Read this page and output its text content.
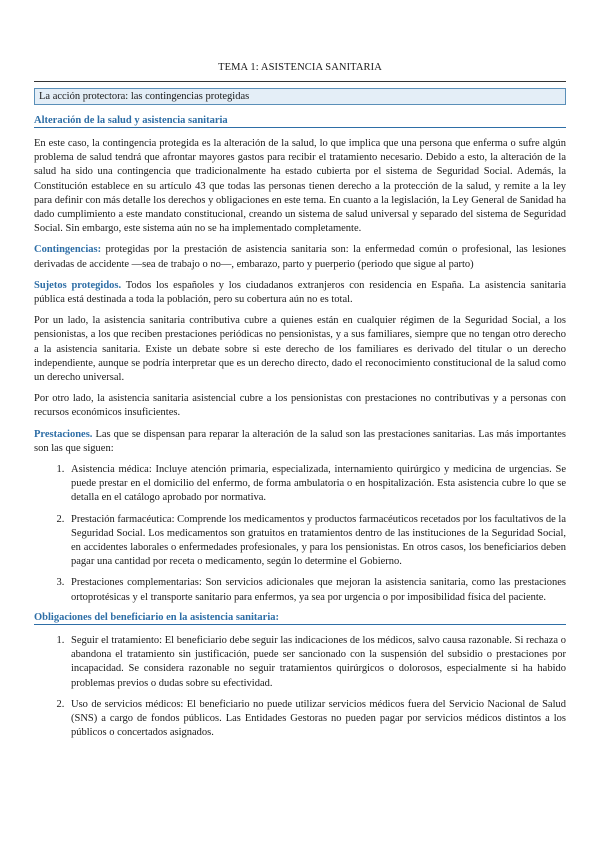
TEMA 1: ASISTENCIA SANITARIA
La acción protectora: las contingencias protegidas
Alteración de la salud y asistencia sanitaria

En este caso, la contingencia protegida es la alteración de la salud, lo que implica que una persona que enferma o sufre algún problema de salud tendrá que afrontar mayores gastos para recibir el tratamiento necesario. Debido a esto, la alteración de la salud ha sido una contingencia que tradicionalmente ha estado cubierta por el sistema de Seguridad Social. Además, la Constitución establece en su artículo 43 que todas las personas tienen derecho a la protección de la salud, y remite a la ley para definir con más detalle los derechos y obligaciones en este tema. En cuanto a la legislación, la Ley General de Sanidad ha dado cumplimiento a este mandato constitucional, creando un sistema de salud universal y separado del sistema de Seguridad Social. Sin embargo, este sistema aún no se ha implementado completamente.

Contingencias: protegidas por la prestación de asistencia sanitaria son: la enfermedad común o profesional, las lesiones derivadas de accidente —sea de trabajo o no—, embarazo, parto y puerperio (periodo que sigue al parto)

Sujetos protegidos. Todos los españoles y los ciudadanos extranjeros con residencia en España. La asistencia sanitaria pública está destinada a toda la población, pero su cobertura aún no es total.

Por un lado, la asistencia sanitaria contributiva cubre a quienes están en cualquier régimen de la Seguridad Social, a los pensionistas, a los que reciben prestaciones periódicas no pensionistas, y a sus familiares, siempre que no tengan otro derecho a la asistencia sanitaria. Existe un debate sobre si este derecho de los familiares es derivado del titular o un derecho independiente, aunque se podría interpretar que es un derecho directo, dado el reconocimiento constitucional de la salud como un derecho universal.

Por otro lado, la asistencia sanitaria asistencial cubre a los pensionistas con prestaciones no contributivas y a personas con recursos económicos insuficientes.

Prestaciones. Las que se dispensan para reparar la alteración de la salud son las prestaciones sanitarias. Las más importantes son las que siguen:

1. Asistencia médica: Incluye atención primaria, especializada, internamiento quirúrgico y medicina de urgencias. Se puede prestar en el domicilio del enfermo, de forma ambulatoria o en hospitalización. Esta asistencia cubre lo que se detalla en el catálogo aprobado por normativa.
2. Prestación farmacéutica: Comprende los medicamentos y productos farmacéuticos recetados por los facultativos de la Seguridad Social. Los medicamentos son gratuitos en tratamientos dentro de las instituciones de la Seguridad Social, en accidentes laborales o enfermedades profesionales, y para los pensionistas. En otros casos, los beneficiarios deben pagar una cantidad por receta o medicamento, según lo determine el Gobierno.
3. Prestaciones complementarias: Son servicios adicionales que mejoran la asistencia sanitaria, como las prestaciones ortoprotésicas y el transporte sanitario para enfermos, ya sea por urgencia o por imposibilidad física del paciente.
Obligaciones del beneficiario en la asistencia sanitaria:
1. Seguir el tratamiento: El beneficiario debe seguir las indicaciones de los médicos, salvo causa razonable. Si rechaza o abandona el tratamiento sin justificación, puede ser sancionado con la suspensión del subsidio o prestaciones por incapacidad. Se considera razonable no seguir tratamientos quirúrgicos o dolorosos, especialmente si ha habido problemas previos o dudas sobre su efectividad.
2. Uso de servicios médicos: El beneficiario no puede utilizar servicios médicos fuera del Servicio Nacional de Salud (SNS) a cargo de fondos públicos. Las Entidades Gestoras no pueden pagar por servicios médicos distintos a los públicos o concertados asignados.
